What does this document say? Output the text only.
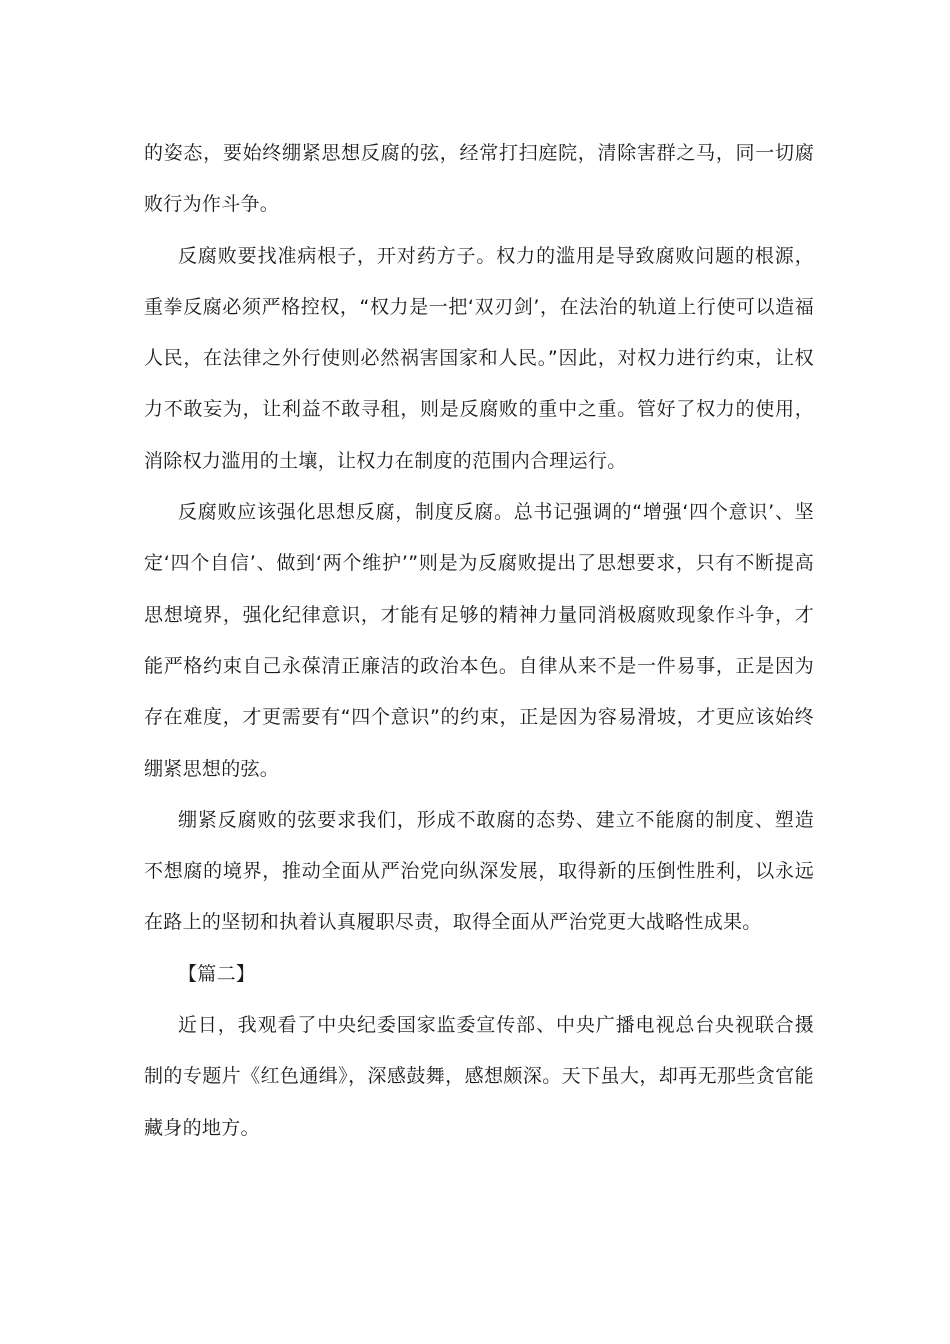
的姿态，要始终绷紧思想反腐的弦，经常打扫庭院，清除害群之马，同一切腐败行为作斗争。

反腐败要找准病根子，开对药方子。权力的滥用是导致腐败问题的根源，重拳反腐必须严格控权，“权力是一把‘双刃剑’，在法治的轨道上行使可以造福人民，在法律之外行使则必然祸害国家和人民。”因此，对权力进行约束，让权力不敢妄为，让利益不敢寻租，则是反腐败的重中之重。管好了权力的使用，消除权力滥用的土壤，让权力在制度的范围内合理运行。

反腐败应该强化思想反腐，制度反腐。总书记强调的“增强‘四个意识’、坚定‘四个自信’、做到‘两个维护’”则是为反腐败提出了思想要求，只有不断提高思想境界，强化纪律意识，才能有足够的精神力量同消极腐败现象作斗争，才能严格约束自己永葆清正廉洁的政治本色。自律从来不是一件易事，正是因为存在难度，才更需要有“四个意识”的约束，正是因为容易滑坡，才更应该始终绷紧思想的弦。

绷紧反腐败的弦要求我们，形成不敢腐的态势、建立不能腐的制度、塑造不想腐的境界，推动全面从严治党向纵深发展，取得新的压倒性胜利，以永远在路上的坚韧和执着认真履职尽责，取得全面从严治党更大战略性成果。

【篇二】

近日，我观看了中央纪委国家监委宣传部、中央广播电视总台央视联合摄制的专题片《红色通缉》，深感鼓舞，感想颇深。天下虽大，却再无那些贪官能藏身的地方。
